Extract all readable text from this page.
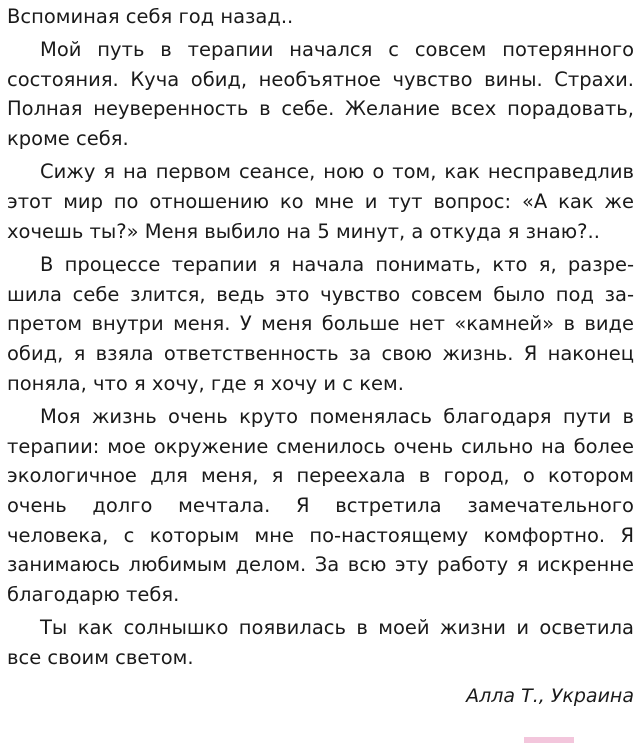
Вспоминая себя год назад..

Мой путь в терапии начался с совсем потерянного состояния. Куча обид, необъятное чувство вины. Страхи. Полная неуверенность в себе. Желание всех порадовать, кроме себя.

Сижу я на первом сеансе, ною о том, как несправедлив этот мир по отношению ко мне и тут вопрос: «А как же хочешь ты?» Меня выбило на 5 минут, а откуда я знаю?..

В процессе терапии я начала понимать, кто я, разрешила себе злится, ведь это чувство совсем было под запретом внутри меня. У меня больше нет «камней» в виде обид, я взяла ответственность за свою жизнь. Я наконец поняла, что я хочу, где я хочу и с кем.

Моя жизнь очень круто поменялась благодаря пути в терапии: мое окружение сменилось очень сильно на более экологичное для меня, я переехала в город, о котором очень долго мечтала. Я встретила замечательного человека, с которым мне по-настоящему комфортно. Я занимаюсь любимым делом. За всю эту работу я искренне благодарю тебя.

Ты как солнышко появилась в моей жизни и осветила все своим светом.

Алла Т., Украина
